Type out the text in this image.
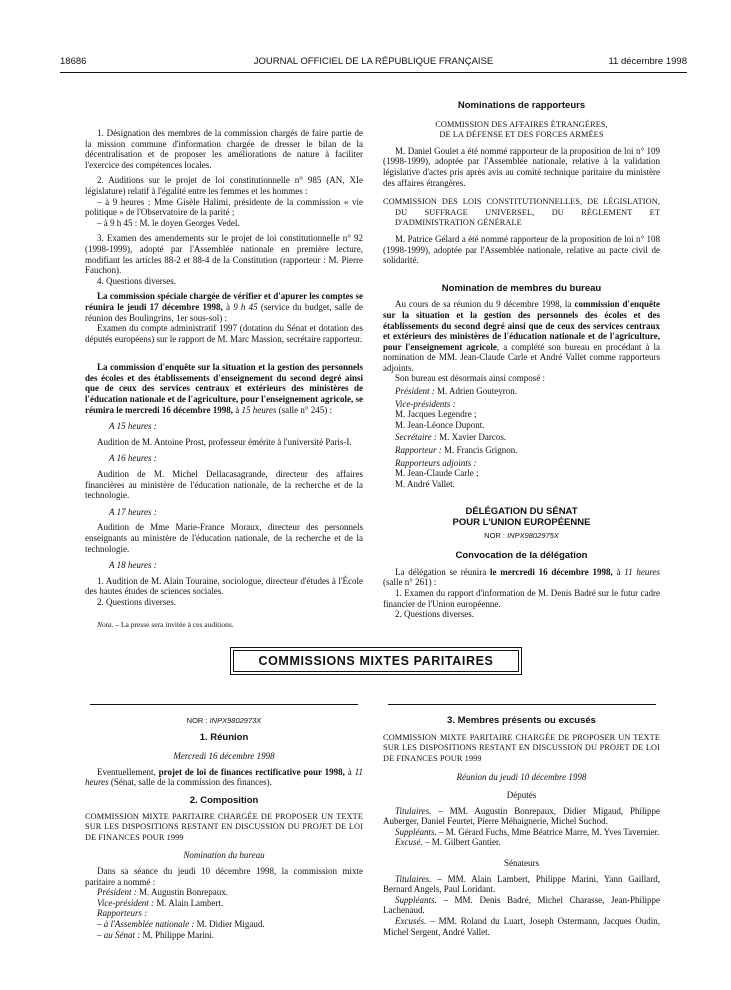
18686	JOURNAL OFFICIEL DE LA RÉPUBLIQUE FRANÇAISE	11 décembre 1998

1. Désignation des membres de la commission chargés de faire partie de la mission commune d'information chargée de dresser le bilan de la décentralisation et de proposer les améliorations de nature à faciliter l'exercice des compétences locales.

2. Auditions sur le projet de loi constitutionnelle n° 985 (AN, XIe législature) relatif à l'égalité entre les femmes et les hommes :

– à 9 heures : Mme Gisèle Halimi, présidente de la commission « vie politique » de l'Observatoire de la parité ;

– à 9 h 45 : M. le doyen Georges Vedel.

3. Examen des amendements sur le projet de loi constitutionnelle n° 92 (1998-1999), adopté par l'Assemblée nationale en première lecture, modifiant les articles 88-2 et 88-4 de la Constitution (rapporteur : M. Pierre Fauchon).

4. Questions diverses.

La commission spéciale chargée de vérifier et d'apurer les comptes se réunira le jeudi 17 décembre 1998, à 9 h 45 (service du budget, salle de réunion des Boulingrins, 1er sous-sol) :

Examen du compte administratif 1997 (dotation du Sénat et dotation des députés européens) sur le rapport de M. Marc Massion, secrétaire rapporteur.

La commission d'enquête sur la situation et la gestion des personnels des écoles et des établissements d'enseignement du second degré ainsi que de ceux des services centraux et extérieurs des ministères de l'éducation nationale et de l'agriculture, pour l'enseignement agricole, se réunira le mercredi 16 décembre 1998, à 15 heures (salle n° 245) :

A 15 heures :

Audition de M. Antoine Prost, professeur émérite à l'université Paris-I.

A 16 heures :

Audition de M. Michel Dellacasagrande, directeur des affaires financières au ministère de l'éducation nationale, de la recherche et de la technologie.

A 17 heures :

Audition de Mme Marie-France Moraux, directeur des personnels enseignants au ministère de l'éducation nationale, de la recherche et de la technologie.

A 18 heures :

1. Audition de M. Alain Touraine, sociologue, directeur d'études à l'École des hautes études de sciences sociales.

2. Questions diverses.

Nota. – La presse sera invitée à ces auditions.

Nominations de rapporteurs

COMMISSION DES AFFAIRES ÉTRANGÈRES,

DE LA DÉFENSE ET DES FORCES ARMÉES

M. Daniel Goulet a été nommé rapporteur de la proposition de loi n° 109 (1998-1999), adoptée par l'Assemblée nationale, relative à la validation législative d'actes pris après avis au comité technique paritaire du ministère des affaires étrangères.

COMMISSION DES LOIS CONSTITUTIONNELLES, DE LÉGISLATION, DU SUFFRAGE UNIVERSEL, DU RÈGLEMENT ET D'ADMINISTRATION GÉNÉRALE

M. Patrice Gélard a été nommé rapporteur de la proposition de loi n° 108 (1998-1999), adoptée par l'Assemblée nationale, relative au pacte civil de solidarité.

Nomination de membres du bureau

Au cours de sa réunion du 9 décembre 1998, la commission d'enquête sur la situation et la gestion des personnels des écoles et des établissements du second degré ainsi que de ceux des services centraux et extérieurs des ministères de l'éducation nationale et de l'agriculture, pour l'enseignement agricole, a complété son bureau en procédant à la nomination de MM. Jean-Claude Carle et André Vallet comme rapporteurs adjoints.

Son bureau est désormais ainsi composé :

Président : M. Adrien Gouteyron.

Vice-présidents :

M. Jacques Legendre ;

M. Jean-Léonce Dupont.

Secrétaire : M. Xavier Darcos.

Rapporteur : M. Francis Grignon.

Rapporteurs adjoints :

M. Jean-Claude Carle ;

M. André Vallet.

DÉLÉGATION DU SÉNAT

POUR L'UNION EUROPÉENNE

NOR : INPX9802975X

Convocation de la délégation

La délégation se réunira le mercredi 16 décembre 1998, à 11 heures (salle n° 261) :

1. Examen du rapport d'information de M. Denis Badré sur le futur cadre financier de l'Union européenne.

2. Questions diverses.

COMMISSIONS MIXTES PARITAIRES

NOR : INPX9802973X

1. Réunion

Mercredi 16 décembre 1998

Eventuellement, projet de loi de finances rectificative pour 1998, à 11 heures (Sénat, salle de la commission des finances).

2. Composition

COMMISSION MIXTE PARITAIRE CHARGÉE DE PROPOSER UN TEXTE SUR LES DISPOSITIONS RESTANT EN DISCUSSION DU PROJET DE LOI DE FINANCES POUR 1999

Nomination du bureau

Dans sa séance du jeudi 10 décembre 1998, la commission mixte paritaire a nommé :

Président : M. Augustin Bonrepaux.

Vice-président : M. Alain Lambert.

Rapporteurs :

– à l'Assemblée nationale : M. Didier Migaud.

– au Sénat : M. Philippe Marini.

3. Membres présents ou excusés

COMMISSION MIXTE PARITAIRE CHARGÉE DE PROPOSER UN TEXTE SUR LES DISPOSITIONS RESTANT EN DISCUSSION DU PROJET DE LOI DE FINANCES POUR 1999

Réunion du jeudi 10 décembre 1998

Députés

Titulaires. – MM. Augustin Bonrepaux, Didier Migaud, Philippe Auberger, Daniel Feurtet, Pierre Méhaignerie, Michel Suchod.

Suppléants. – M. Gérard Fuchs, Mme Béatrice Marre, M. Yves Tavernier.

Excusé. – M. Gilbert Gantier.

Sénateurs

Titulaires. – MM. Alain Lambert, Philippe Marini, Yann Gaillard, Bernard Angels, Paul Loridant.

Suppléants. – MM. Denis Badré, Michel Charasse, Jean-Philippe Lachenaud.

Excusés. – MM. Roland du Luart, Joseph Ostermann, Jacques Oudin, Michel Sergent, André Vallet.
